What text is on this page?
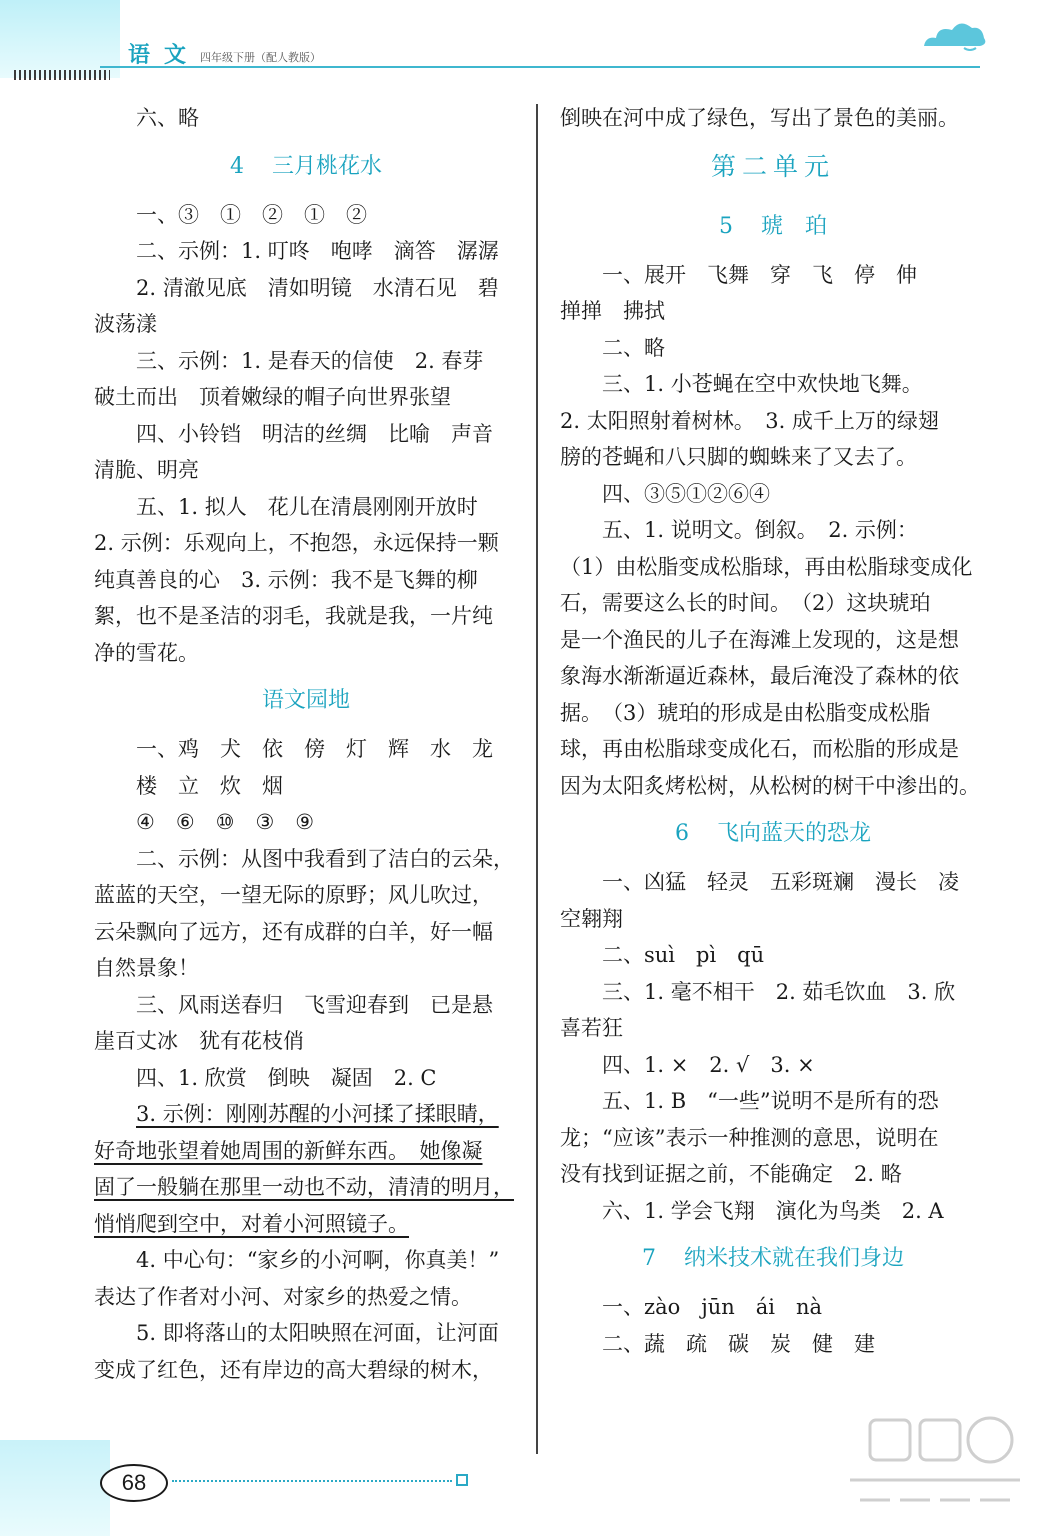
语文 四年级下册（配人教版）
六、略
4 三月桃花水
一、③　①　②　①　②
二、示例：1. 叮咚　咆哮　滴答　潺潺
2. 清澈见底　清如明镜　水清石见　碧
波荡漾
三、示例：1. 是春天的信使　2. 春芽
破土而出　顶着嫩绿的帽子向世界张望
四、小铃铛　明洁的丝绸　比喻　声音
清脆、明亮
五、1. 拟人　花儿在清晨刚刚开放时
2. 示例：乐观向上，不抱怨，永远保持一颗
纯真善良的心　3. 示例：我不是飞舞的柳
絮，也不是圣洁的羽毛，我就是我，一片纯
净的雪花。
语文园地
一、鸡　犬　依　傍　灯　辉　水　龙
楼　立　炊　烟
④　⑥　⑩　③　⑨
二、示例：从图中我看到了洁白的云朵，
蓝蓝的天空，一望无际的原野；风儿吹过，
云朵飘向了远方，还有成群的白羊，好一幅
自然景象！
三、风雨送春归　飞雪迎春到　已是悬
崖百丈冰　犹有花枝俏
四、1. 欣赏　倒映　凝固　2. C
3. 示例：刚刚苏醒的小河揉了揉眼睛，
好奇地张望着她周围的新鲜东西。　她像凝
固了一般躺在那里一动也不动，清清的明月，
悄悄爬到空中，对着小河照镜子。
4. 中心句：“家乡的小河啊，你真美！”
表达了作者对小河、对家乡的热爱之情。
5. 即将落山的太阳映照在河面，让河面
变成了红色，还有岸边的高大碧绿的树木，
倒映在河中成了绿色，写出了景色的美丽。
第二单元
5 琥　珀
一、展开　飞舞　穿　飞　停　伸
掸掸　拂拭
二、略
三、1. 小苍蝇在空中欢快地飞舞。
2. 太阳照射着树林。　3. 成千上万的绿翅
膀的苍蝇和八只脚的蜘蛛来了又去了。
四、③⑤①②⑥④
五、1. 说明文。倒叙。　2. 示例：
（1）由松脂变成松脂球，再由松脂球变成化
石，需要这么长的时间。　（2）这块琥珀
是一个渔民的儿子在海滩上发现的，这是想
象海水渐渐逼近森林，最后淹没了森林的依
据。　（3）琥珀的形成是由松脂变成松脂
球，再由松脂球变成化石，而松脂的形成是
因为太阳炙烤松树，从松树的树干中渗出的。
6 飞向蓝天的恐龙
一、凶猛　轻灵　五彩斑斓　漫长　凌
空翱翔
二、suì　pì　qū
三、1. 毫不相干　2. 茹毛饮血　3. 欣
喜若狂
四、1. ×　2. √　3. ×
五、1. B　“一些”说明不是所有的恐
龙；“应该”表示一种推测的意思，说明在
没有找到证据之前，不能确定　2. 略
六、1. 学会飞翔　演化为鸟类　2. A
7 纳米技术就在我们身边
一、zào　jūn　ái　nà
二、蔬　疏　碳　炭　健　建
68
